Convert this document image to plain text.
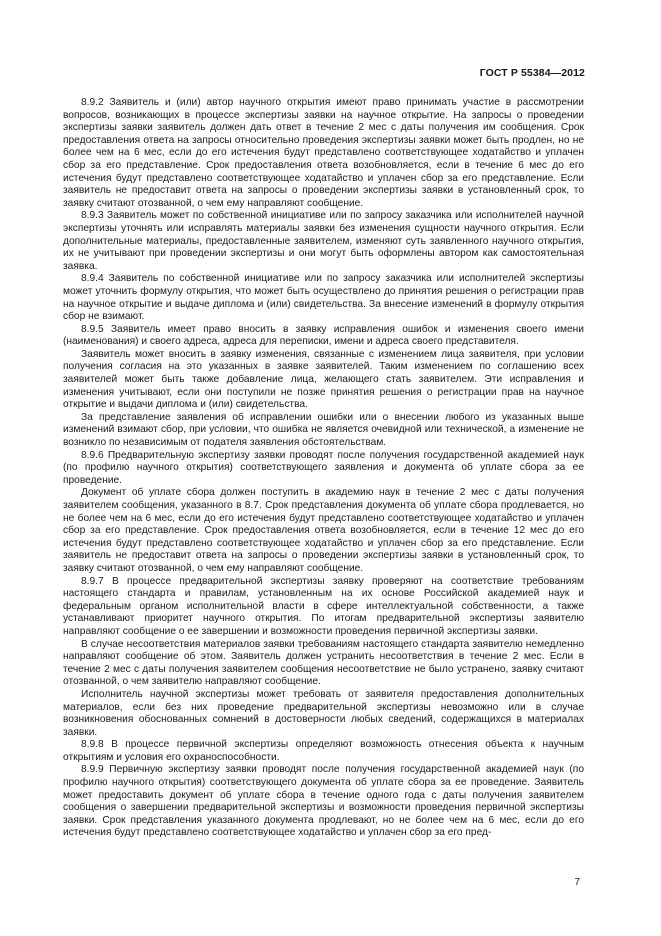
ГОСТ Р 55384—2012

8.9.2 Заявитель и (или) автор научного открытия имеют право принимать участие в рассмотрении вопросов, возникающих в процессе экспертизы заявки на научное открытие. На запросы о проведении экспертизы заявки заявитель должен дать ответ в течение 2 мес с даты получения им сообщения. Срок предоставления ответа на запросы относительно проведения экспертизы заявки может быть продлен, но не более чем на 6 мес, если до его истечения будут представлено соответствующее ходатайство и уплачен сбор за его представление. Срок предоставления ответа возобновляется, если в течение 6 мес до его истечения будут представлено соответствующее ходатайство и уплачен сбор за его представление. Если заявитель не предоставит ответа на запросы о проведении экспертизы заявки в установленный срок, то заявку считают отозванной, о чем ему направляют сообщение.

8.9.3 Заявитель может по собственной инициативе или по запросу заказчика или исполнителей научной экспертизы уточнять или исправлять материалы заявки без изменения сущности научного открытия. Если дополнительные материалы, предоставленные заявителем, изменяют суть заявленного научного открытия, их не учитывают при проведении экспертизы и они могут быть оформлены автором как самостоятельная заявка.

8.9.4 Заявитель по собственной инициативе или по запросу заказчика или исполнителей экспертизы может уточнить формулу открытия, что может быть осуществлено до принятия решения о регистрации прав на научное открытие и выдаче диплома и (или) свидетельства. За внесение изменений в формулу открытия сбор не взимают.

8.9.5 Заявитель имеет право вносить в заявку исправления ошибок и изменения своего имени (наименования) и своего адреса, адреса для переписки, имени и адреса своего представителя.

Заявитель может вносить в заявку изменения, связанные с изменением лица заявителя, при условии получения согласия на это указанных в заявке заявителей. Таким изменением по соглашению всех заявителей может быть также добавление лица, желающего стать заявителем. Эти исправления и изменения учитывают, если они поступили не позже принятия решения о регистрации прав на научное открытие и выдачи диплома и (или) свидетельства.

За представление заявления об исправлении ошибки или о внесении любого из указанных выше изменений взимают сбор, при условии, что ошибка не является очевидной или технической, а изменение не возникло по независимым от подателя заявления обстоятельствам.

8.9.6 Предварительную экспертизу заявки проводят после получения государственной академией наук (по профилю научного открытия) соответствующего заявления и документа об уплате сбора за ее проведение.

Документ об уплате сбора должен поступить в академию наук в течение 2 мес с даты получения заявителем сообщения, указанного в 8.7. Срок представления документа об уплате сбора продлевается, но не более чем на 6 мес, если до его истечения будут представлено соответствующее ходатайство и уплачен сбор за его представление. Срок предоставления ответа возобновляется, если в течение 12 мес до его истечения будут представлено соответствующее ходатайство и уплачен сбор за его представление. Если заявитель не предоставит ответа на запросы о проведении экспертизы заявки в установленный срок, то заявку считают отозванной, о чем ему направляют сообщение.

8.9.7 В процессе предварительной экспертизы заявку проверяют на соответствие требованиям настоящего стандарта и правилам, установленным на их основе Российской академией наук и федеральным органом исполнительной власти в сфере интеллектуальной собственности, а также устанавливают приоритет научного открытия. По итогам предварительной экспертизы заявителю направляют сообщение о ее завершении и возможности проведения первичной экспертизы заявки.

В случае несоответствия материалов заявки требованиям настоящего стандарта заявителю немедленно направляют сообщение об этом. Заявитель должен устранить несоответствия в течение 2 мес. Если в течение 2 мес с даты получения заявителем сообщения несоответствие не было устранено, заявку считают отозванной, о чем заявителю направляют сообщение.

Исполнитель научной экспертизы может требовать от заявителя предоставления дополнительных материалов, если без них проведение предварительной экспертизы невозможно или в случае возникновения обоснованных сомнений в достоверности любых сведений, содержащихся в материалах заявки.

8.9.8 В процессе первичной экспертизы определяют возможность отнесения объекта к научным открытиям и условия его охраноспособности.

8.9.9 Первичную экспертизу заявки проводят после получения государственной академией наук (по профилю научного открытия) соответствующего документа об уплате сбора за ее проведение. Заявитель может предоставить документ об уплате сбора в течение одного года с даты получения заявителем сообщения о завершении предварительной экспертизы и возможности проведения первичной экспертизы заявки. Срок представления указанного документа продлевают, но не более чем на 6 мес, если до его истечения будут представлено соответствующее ходатайство и уплачен сбор за его пред-

7
